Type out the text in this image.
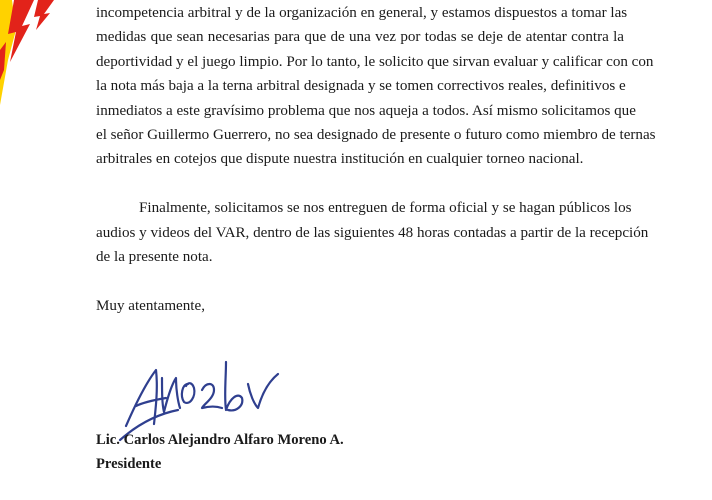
incompetencia arbitral y de la organización en general, y estamos dispuestos a tomar las
medidas que sean necesarias para que de una vez por todas se deje de atentar contra la
deportividad y el juego limpio. Por lo tanto, le solicito que sirvan evaluar y calificar con con
la nota más baja a la terna arbitral designada y se tomen correctivos reales, definitivos e
inmediatos a este gravísimo problema que nos aqueja a todos. Así mismo solicitamos que
el señor Guillermo Guerrero, no sea designado de presente o futuro como miembro de ternas
arbitrales en cotejos que dispute nuestra institución en cualquier torneo nacional.
Finalmente, solicitamos se nos entreguen de forma oficial y se hagan públicos los
audios y videos del VAR, dentro de las siguientes 48 horas contadas a partir de la recepción
de la presente nota.
Muy atentamente,
Lic. Carlos Alejandro Alfaro Moreno A.
Presidente
